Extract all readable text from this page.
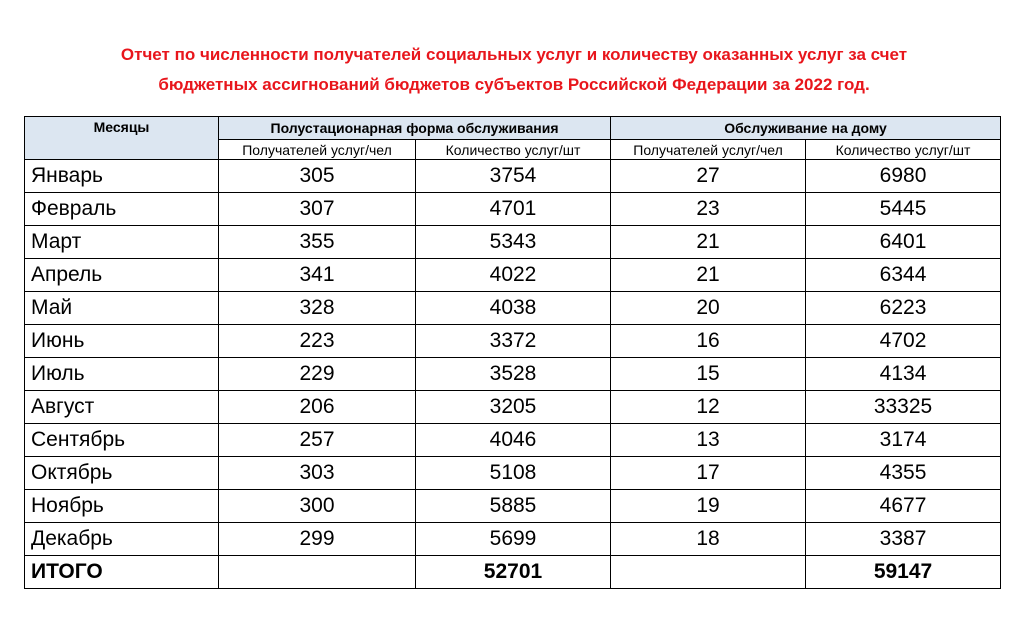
Отчет по численности получателей социальных услуг и количеству оказанных услуг за счет
бюджетных ассигнований бюджетов субъектов Российской Федерации за 2022 год.
Месяцы	Полустационарная форма обслуживания		Обслуживание на дому	
	Получателей услуг/чел	Количество услуг/шт	Получателей услуг/чел	Количество услуг/шт
Январь	305	3754	27	6980
Февраль	307	4701	23	5445
Март	355	5343	21	6401
Апрель	341	4022	21	6344
Май	328	4038	20	6223
Июнь	223	3372	16	4702
Июль	229	3528	15	4134
Август	206	3205	12	33325
Сентябрь	257	4046	13	3174
Октябрь	303	5108	17	4355
Ноябрь	300	5885	19	4677
Декабрь	299	5699	18	3387
ИТОГО		52701		59147
